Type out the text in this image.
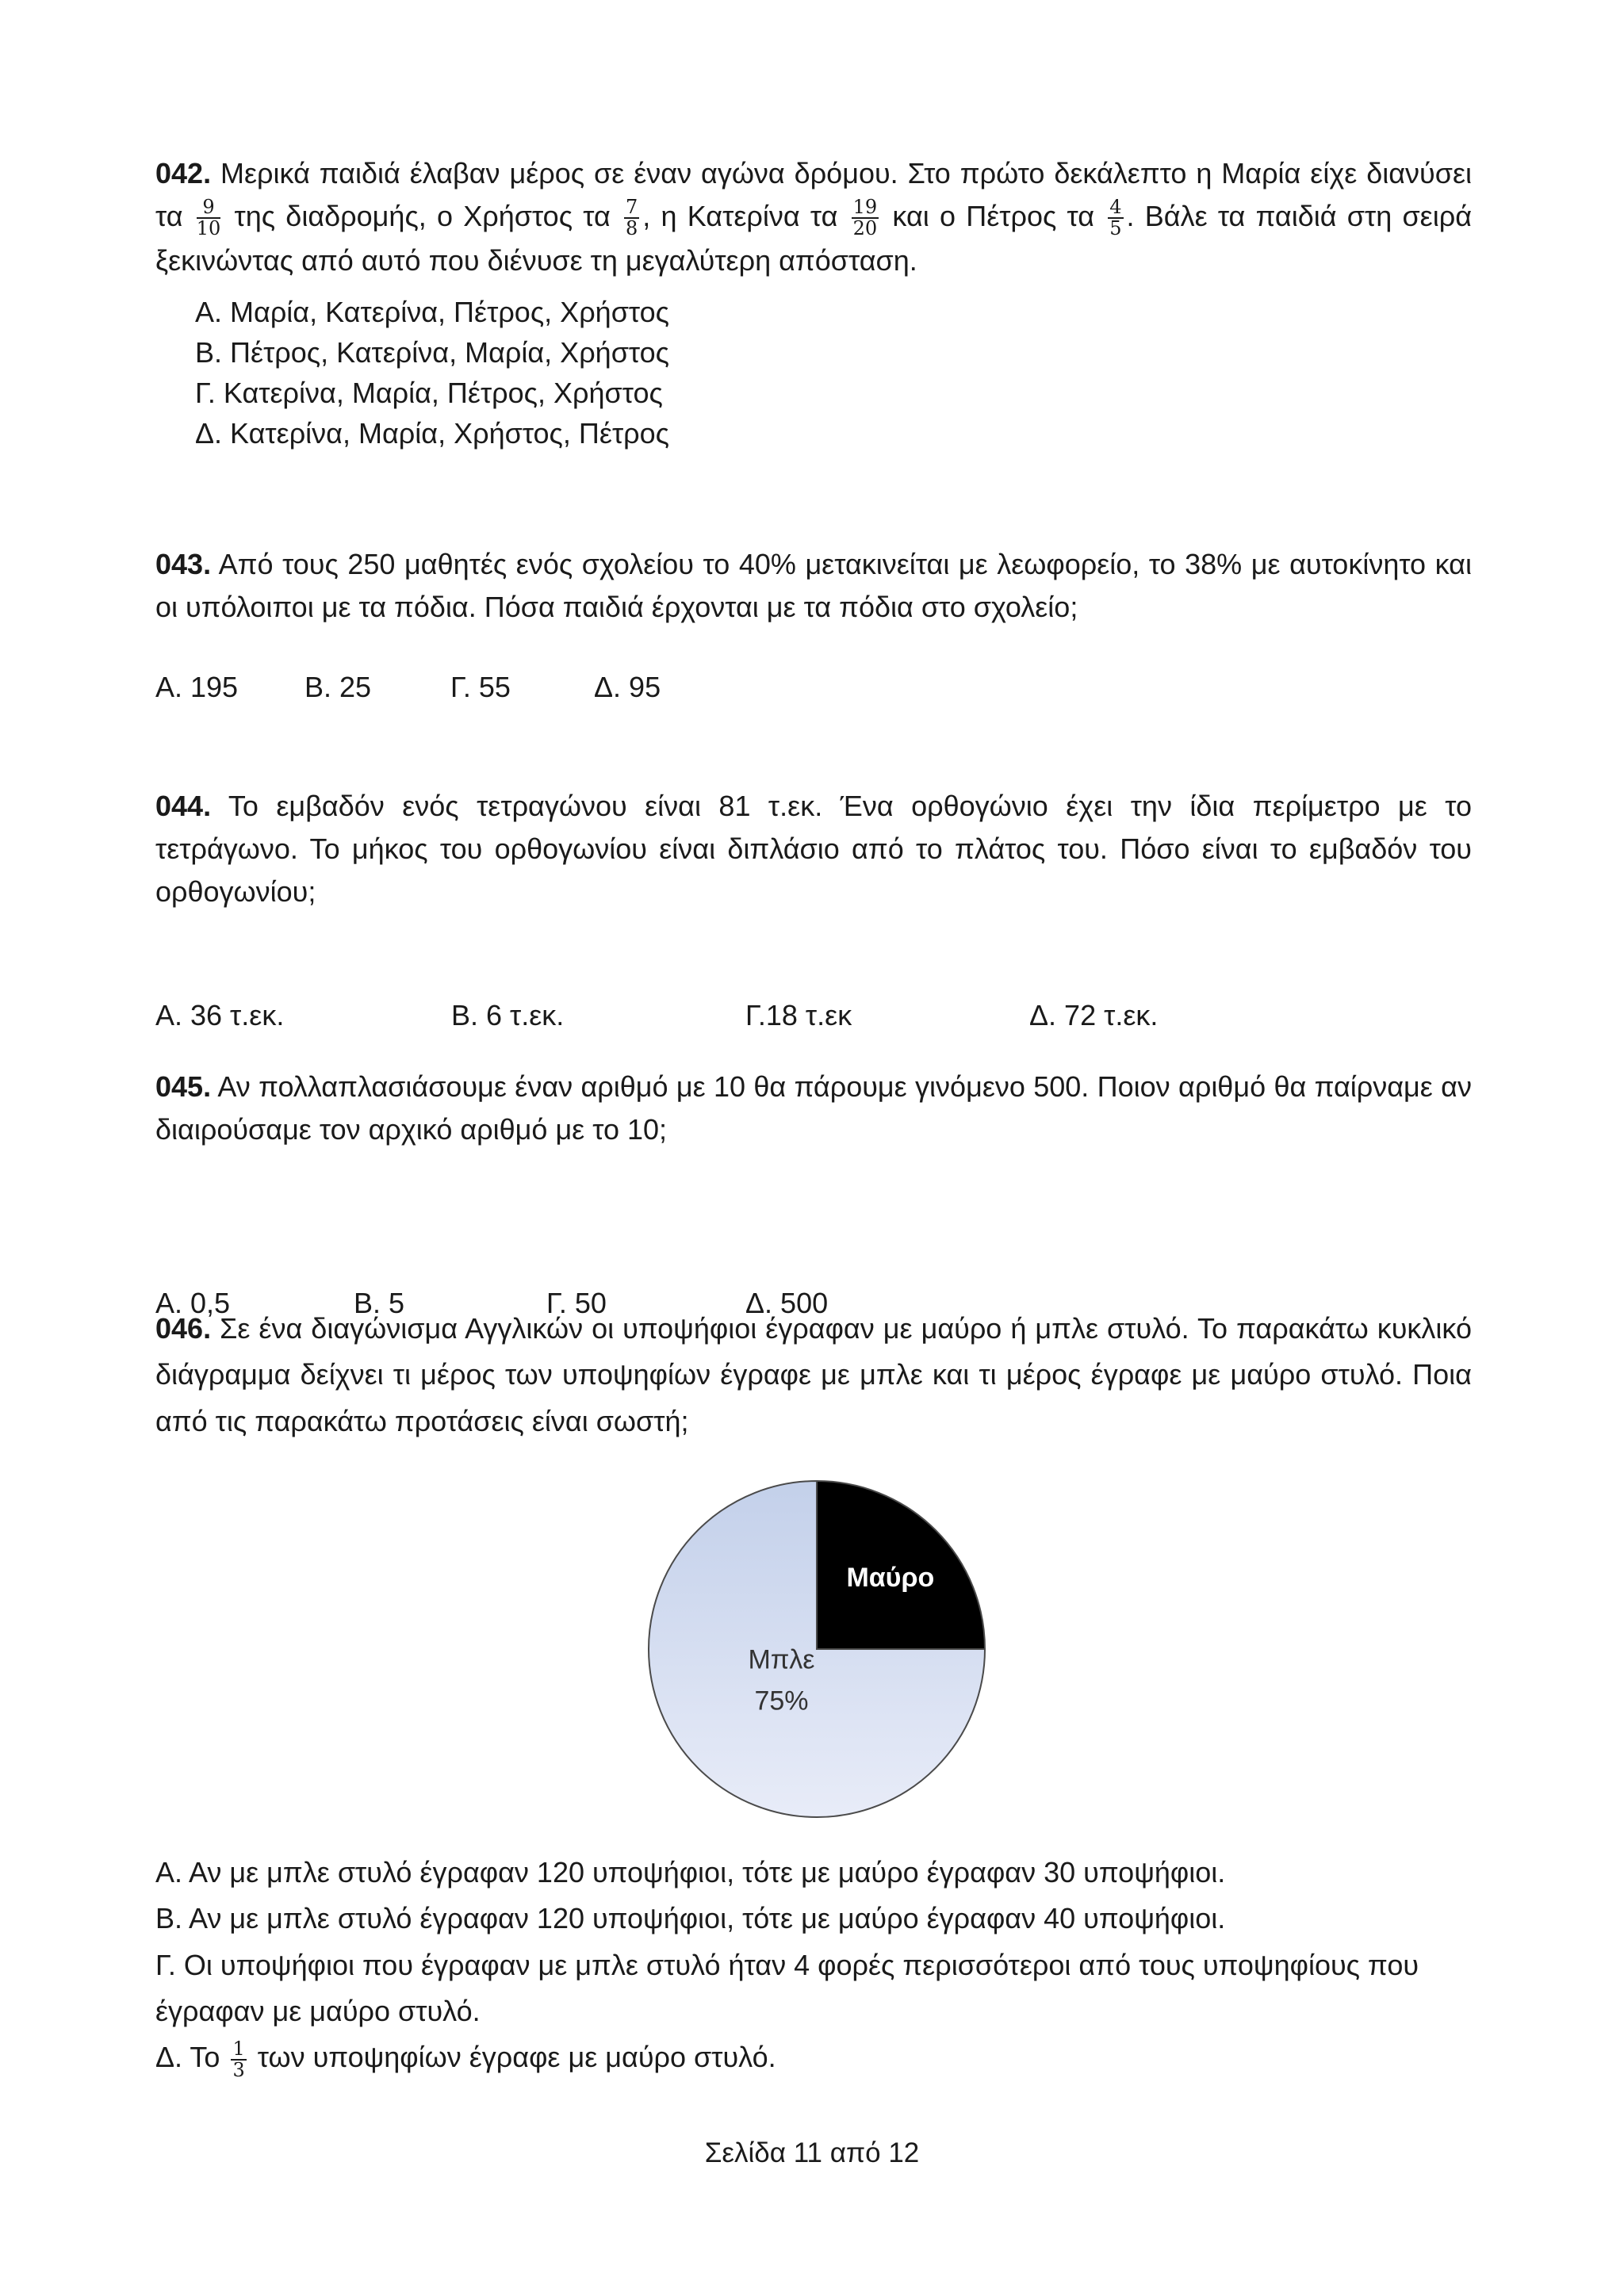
042. Μερικά παιδιά έλαβαν μέρος σε έναν αγώνα δρόμου. Στο πρώτο δεκάλεπτο η Μαρία είχε διανύσει τα $\frac{9}{10}$ της διαδρομής, ο Χρήστος τα $\frac{7}{8}$ , η Κατερίνα τα $\frac{19}{20}$ και ο Πέτρος τα $\frac{4}{5}$ . Βάλε τα παιδιά στη σειρά ξεκινώντας από αυτό που διένυσε τη μεγαλύτερη απόσταση.

Α. Μαρία, Κατερίνα, Πέτρος, Χρήστος
Β. Πέτρος, Κατερίνα, Μαρία, Χρήστος
Γ. Κατερίνα, Μαρία, Πέτρος, Χρήστος
Δ. Κατερίνα, Μαρία, Χρήστος, Πέτρος

043. Από τους 250 μαθητές ενός σχολείου το 40% μετακινείται με λεωφορείο, το 38% με αυτοκίνητο και οι υπόλοιποι με τα πόδια. Πόσα παιδιά έρχονται με τα πόδια στο σχολείο;

Α. 195 Β. 25	Γ. 55	Δ. 95

044. Το εμβαδόν ενός τετραγώνου είναι 81 τ.εκ. Ένα ορθογώνιο έχει την ίδια περίμετρο με το τετράγωνο. Το μήκος του ορθογωνίου είναι διπλάσιο από το πλάτος του. Πόσο είναι το εμβαδόν του ορθογωνίου;

Α. 36 τ.εκ.	Β. 6 τ.εκ.	Γ.18 τ.εκ	Δ. 72 τ.εκ.

045. Αν πολλαπλασιάσουμε έναν αριθμό με 10 θα πάρουμε γινόμενο 500. Ποιον αριθμό θα παίρναμε αν διαιρούσαμε τον αρχικό αριθμό με το 10;

Α. 0,5	Β. 5	Γ. 50	Δ. 500

046. Σε ένα διαγώνισμα Αγγλικών οι υποψήφιοι έγραφαν με μαύρο ή μπλε στυλό. Το παρακάτω κυκλικό διάγραμμα δείχνει τι μέρος των υποψηφίων έγραφε με μπλε και τι μέρος έγραφε με μαύρο στυλό. Ποια από τις παρακάτω προτάσεις είναι σωστή;

Μαύρο
Μπλε
75%
Α. Αν με μπλε στυλό έγραφαν 120 υποψήφιοι, τότε με μαύρο έγραφαν 30 υποψήφιοι.
Β. Αν με μπλε στυλό έγραφαν 120 υποψήφιοι, τότε με μαύρο έγραφαν 40 υποψήφιοι.
Γ. Οι υποψήφιοι που έγραφαν με μπλε στυλό ήταν 4 φορές περισσότεροι από τους υποψηφίους που έγραφαν με μαύρο στυλό.
Δ. Το $\frac{1}{3}$ των υποψηφίων έγραφε με μαύρο στυλό.
Σελίδα 11 από 12
